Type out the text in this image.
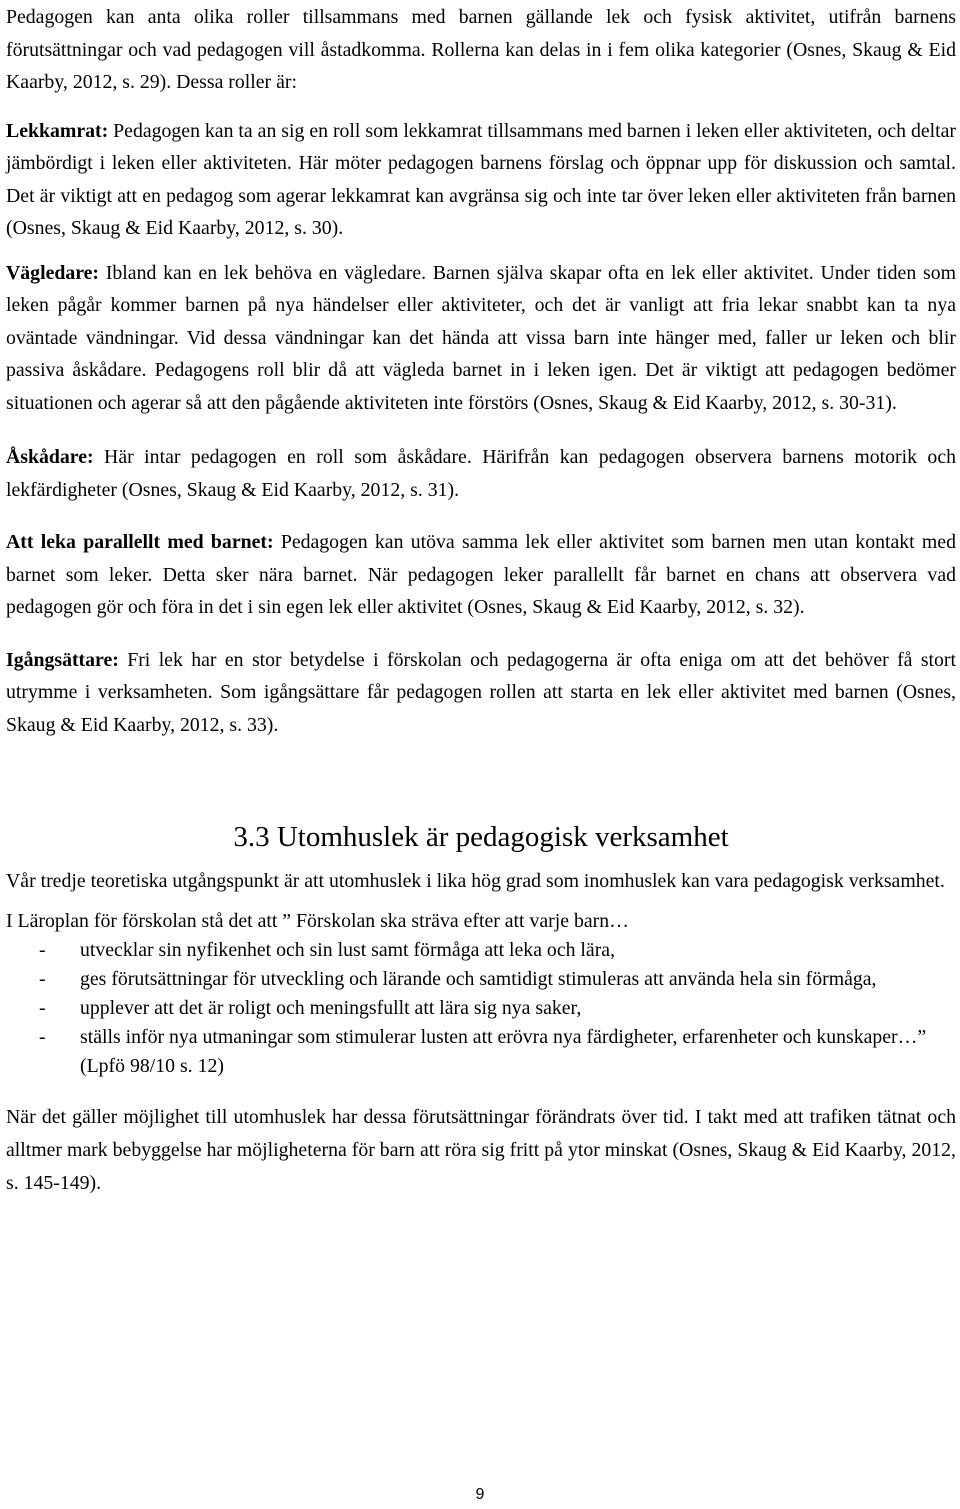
Pedagogen kan anta olika roller tillsammans med barnen gällande lek och fysisk aktivitet, utifrån barnens förutsättningar och vad pedagogen vill åstadkomma. Rollerna kan delas in i fem olika kategorier (Osnes, Skaug & Eid Kaarby, 2012, s. 29). Dessa roller är:

Lekkamrat: Pedagogen kan ta an sig en roll som lekkamrat tillsammans med barnen i leken eller aktiviteten, och deltar jämbördigt i leken eller aktiviteten. Här möter pedagogen barnens förslag och öppnar upp för diskussion och samtal. Det är viktigt att en pedagog som agerar lekkamrat kan avgränsa sig och inte tar över leken eller aktiviteten från barnen (Osnes, Skaug & Eid Kaarby, 2012, s. 30).

Vägledare: Ibland kan en lek behöva en vägledare. Barnen själva skapar ofta en lek eller aktivitet. Under tiden som leken pågår kommer barnen på nya händelser eller aktiviteter, och det är vanligt att fria lekar snabbt kan ta nya oväntade vändningar. Vid dessa vändningar kan det hända att vissa barn inte hänger med, faller ur leken och blir passiva åskådare. Pedagogens roll blir då att vägleda barnet in i leken igen. Det är viktigt att pedagogen bedömer situationen och agerar så att den pågående aktiviteten inte förstörs (Osnes, Skaug & Eid Kaarby, 2012, s. 30-31).

Åskådare: Här intar pedagogen en roll som åskådare. Härifrån kan pedagogen observera barnens motorik och lekfärdigheter (Osnes, Skaug & Eid Kaarby, 2012, s. 31).

Att leka parallellt med barnet: Pedagogen kan utöva samma lek eller aktivitet som barnen men utan kontakt med barnet som leker. Detta sker nära barnet. När pedagogen leker parallellt får barnet en chans att observera vad pedagogen gör och föra in det i sin egen lek eller aktivitet (Osnes, Skaug & Eid Kaarby, 2012, s. 32).

Igångsättare: Fri lek har en stor betydelse i förskolan och pedagogerna är ofta eniga om att det behöver få stort utrymme i verksamheten. Som igångsättare får pedagogen rollen att starta en lek eller aktivitet med barnen (Osnes, Skaug & Eid Kaarby, 2012, s. 33).

3.3 Utomhuslek är pedagogisk verksamhet

Vår tredje teoretiska utgångspunkt är att utomhuslek i lika hög grad som inomhuslek kan vara pedagogisk verksamhet.

I Läroplan för förskolan stå det att ” Förskolan ska sträva efter att varje barn…

- utvecklar sin nyfikenhet och sin lust samt förmåga att leka och lära,
- ges förutsättningar för utveckling och lärande och samtidigt stimuleras att använda hela sin förmåga,
- upplever att det är roligt och meningsfullt att lära sig nya saker,
- ställs inför nya utmaningar som stimulerar lusten att erövra nya färdigheter, erfarenheter och kunskaper…” (Lpfö 98/10 s. 12)

När det gäller möjlighet till utomhuslek har dessa förutsättningar förändrats över tid. I takt med att trafiken tätnat och alltmer mark bebyggelse har möjligheterna för barn att röra sig fritt på ytor minskat (Osnes, Skaug & Eid Kaarby, 2012, s. 145-149).

9
